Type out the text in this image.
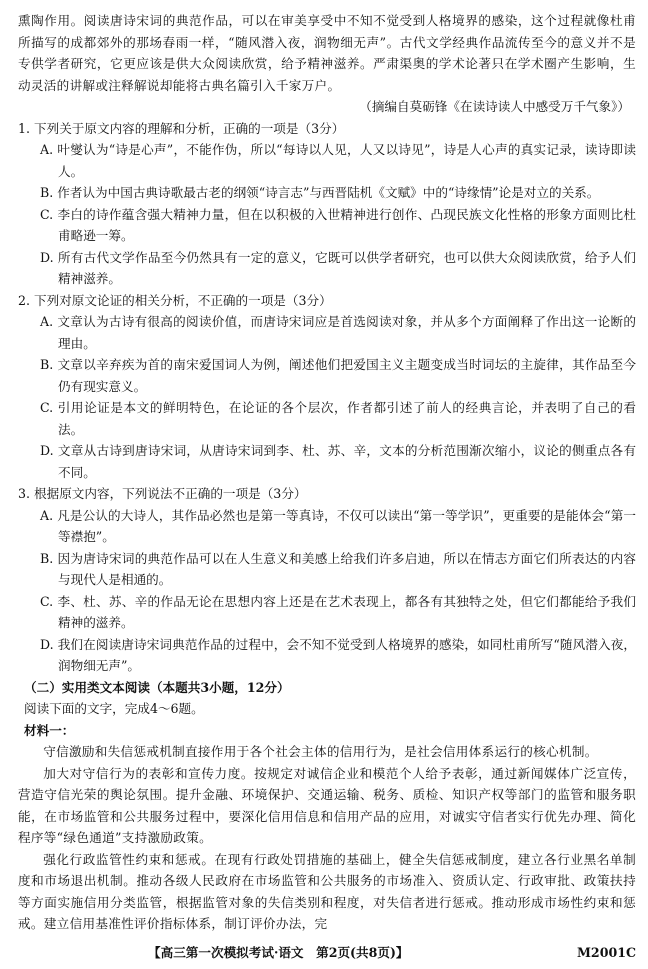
熏陶作用。阅读唐诗宋词的典范作品，可以在审美享受中不知不觉受到人格境界的感染，这个过程就像杜甫所描写的成都郊外的那场春雨一样，“随风潜入夜，润物细无声”。古代文学经典作品流传至今的意义并不是专供学者研究，它更应该是供大众阅读欣赏，给予精神滋养。严肃渠奥的学术论著只在学术圈产生影响，生动灵活的讲解或注释解说却能将古典名篇引入千家万户。

（摘编自莫砺锋《在读诗读人中感受万千气象》）

1. 下列关于原文内容的理解和分析，正确的一项是（3分）

A. 叶燮认为“诗是心声”，不能作伪，所以“每诗以人见，人又以诗见”，诗是人心声的真实记录，读诗即读人。

B. 作者认为中国古典诗歌最古老的纲领“诗言志”与西晋陆机《文赋》中的“诗缘情”论是对立的关系。

C. 李白的诗作蕴含强大精神力量，但在以积极的入世精神进行创作、凸现民族文化性格的形象方面则比杜甫略逊一筹。

D. 所有古代文学作品至今仍然具有一定的意义，它既可以供学者研究，也可以供大众阅读欣赏，给予人们精神滋养。

2. 下列对原文论证的相关分析，不正确的一项是（3分）

A. 文章认为古诗有很高的阅读价值，而唐诗宋词应是首选阅读对象，并从多个方面阐释了作出这一论断的理由。

B. 文章以辛弃疾为首的南宋爱国词人为例，阐述他们把爱国主义主题变成当时词坛的主旋律，其作品至今仍有现实意义。

C. 引用论证是本文的鲜明特色，在论证的各个层次，作者都引述了前人的经典言论，并表明了自己的看法。

D. 文章从古诗到唐诗宋词，从唐诗宋词到李、杜、苏、辛，文本的分析范围渐次缩小，议论的侧重点各有不同。

3. 根据原文内容，下列说法不正确的一项是（3分）

A. 凡是公认的大诗人，其作品必然也是第一等真诗，不仅可以读出“第一等学识”，更重要的是能体会“第一等襟抱”。

B. 因为唐诗宋词的典范作品可以在人生意义和美感上给我们许多启迪，所以在情志方面它们所表达的内容与现代人是相通的。

C. 李、杜、苏、辛的作品无论在思想内容上还是在艺术表现上，都各有其独特之处，但它们都能给予我们精神的滋养。

D. 我们在阅读唐诗宋词典范作品的过程中，会不知不觉受到人格境界的感染，如同杜甫所写“随风潜入夜，润物细无声”。

（二）实用类文本阅读（本题共3小题，12分）

阅读下面的文字，完成4～6题。

材料一：

守信激励和失信惩戒机制直接作用于各个社会主体的信用行为，是社会信用体系运行的核心机制。

加大对守信行为的表彰和宣传力度。按规定对诚信企业和模范个人给予表彰，通过新闻媒体广泛宣传，营造守信光荣的舆论氛围。提升金融、环境保护、交通运输、税务、质检、知识产权等部门的监管和服务职能，在市场监管和公共服务过程中，要深化信用信息和信用产品的应用，对诚实守信者实行优先办理、简化程序等“绿色通道”支持激励政策。

强化行政监管性约束和惩戒。在现有行政处罚措施的基础上，健全失信惩戒制度，建立各行业黑名单制度和市场退出机制。推动各级人民政府在市场监管和公共服务的市场准入、资质认定、行政审批、政策扶持等方面实施信用分类监管，根据监管对象的失信类别和程度，对失信者进行惩戒。推动形成市场性约束和惩戒。建立信用基准性评价指标体系，制订评价办法，完

【高三第一次模拟考试·语文　第2页(共8页)】	M2001C
